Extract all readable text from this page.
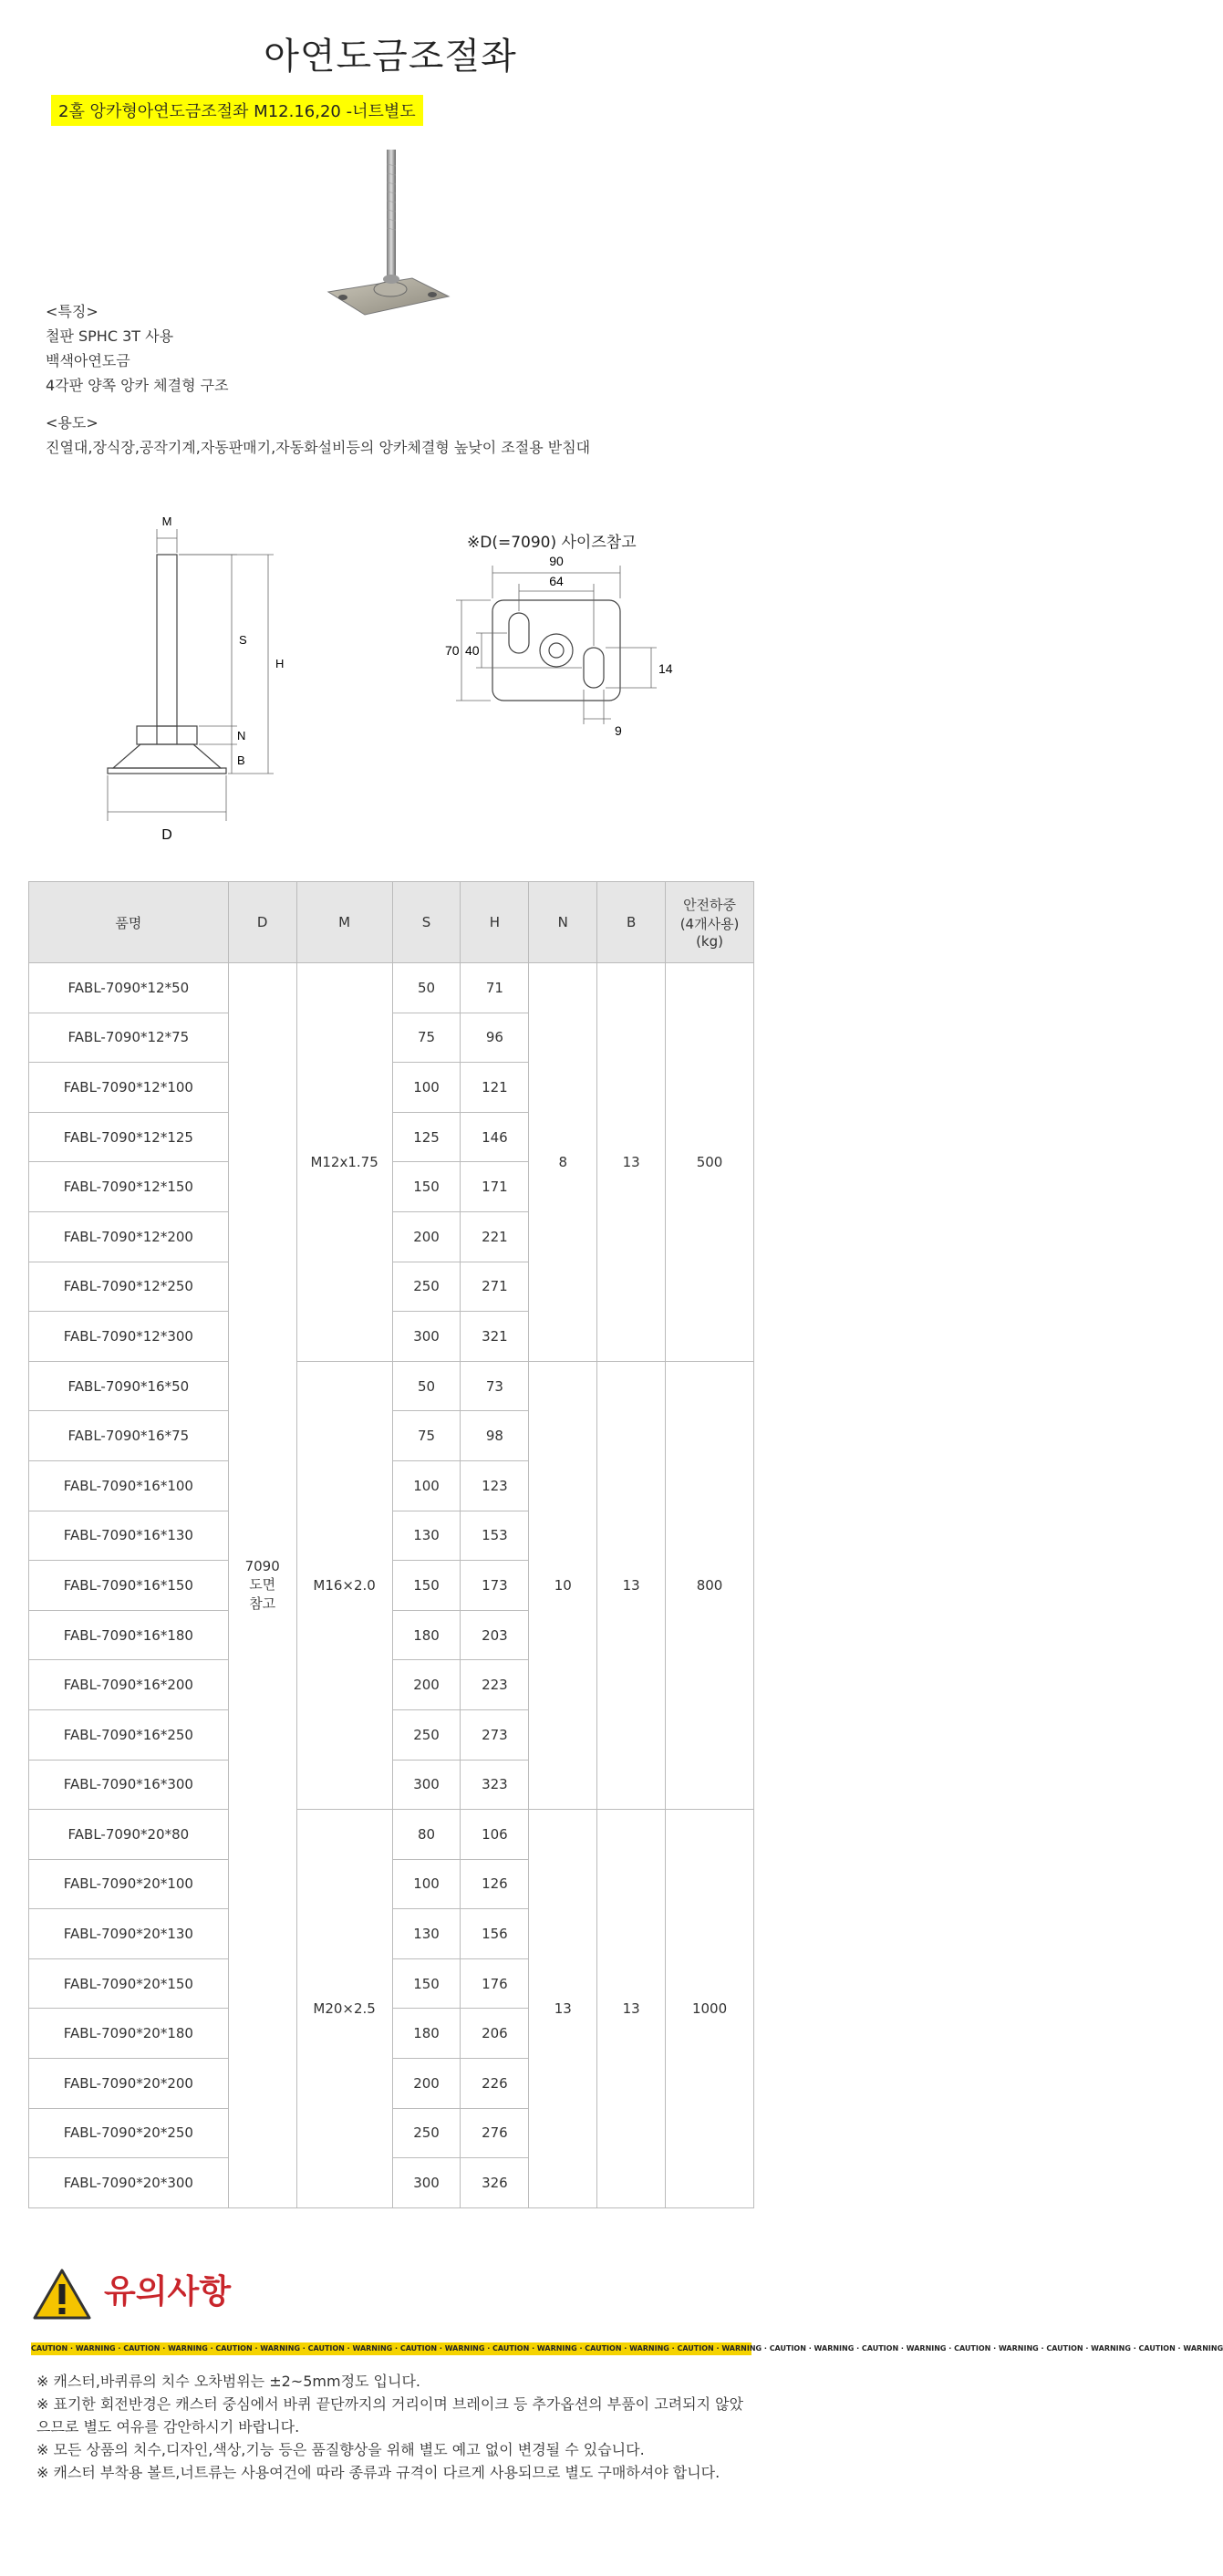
아연도금조절좌
2홀 앙카형아연도금조절좌 M12.16,20 -너트별도
<특징>
철판 SPHC 3T 사용
백색아연도금
4각판 양쪽 앙카 체결형 구조
<용도>
진열대,장식장,공작기계,자동판매기,자동화설비등의 앙카체결형 높낮이 조절용 받침대
M
S
H
N
B
D
※D(=7090) 사이즈참고
90
64
70 40
14
9
품명	D	M	S	H	N	B	안전하중
(4개사용)
(kg)
FABL-7090*12*50	7090
도면
참고	M12x1.75	50	71	8	13	500
FABL-7090*12*75			75	96			
FABL-7090*12*100			100	121			
FABL-7090*12*125			125	146			
FABL-7090*12*150			150	171			
FABL-7090*12*200			200	221			
FABL-7090*12*250			250	271			
FABL-7090*12*300			300	321			
FABL-7090*16*50		M16×2.0	50	73	10	13	800
FABL-7090*16*75			75	98			
FABL-7090*16*100			100	123			
FABL-7090*16*130			130	153			
FABL-7090*16*150			150	173			
FABL-7090*16*180			180	203			
FABL-7090*16*200			200	223			
FABL-7090*16*250			250	273			
FABL-7090*16*300			300	323			
FABL-7090*20*80		M20×2.5	80	106	13	13	1000
FABL-7090*20*100			100	126			
FABL-7090*20*130			130	156			
FABL-7090*20*150			150	176			
FABL-7090*20*180			180	206			
FABL-7090*20*200			200	226			
FABL-7090*20*250			250	276			
FABL-7090*20*300			300	326			
유의사항
CAUTION · WARNING · CAUTION · WARNING · CAUTION · WARNING · CAUTION · WARNING · CAUTION · WARNING · CAUTION · WARNING · CAUTION · WARNING · CAUTION · WARNING · CAUTION · WARNING · CAUTION · WARNING · CAUTION · WARNING · CAUTION · WARNING · CAUTION · WARNING
※ 캐스터,바퀴류의 치수 오차범위는 ±2~5mm정도 입니다.
※ 표기한 회전반경은 캐스터 중심에서 바퀴 끝단까지의 거리이며 브레이크 등 추가옵션의 부품이 고려되지 않았으므로 별도 여유를 감안하시기 바랍니다.
※ 모든 상품의 치수,디자인,색상,기능 등은 품질향상을 위해 별도 예고 없이 변경될 수 있습니다.
※ 캐스터 부착용 볼트,너트류는 사용여건에 따라 종류과 규격이 다르게 사용되므로 별도 구매하셔야 합니다.
